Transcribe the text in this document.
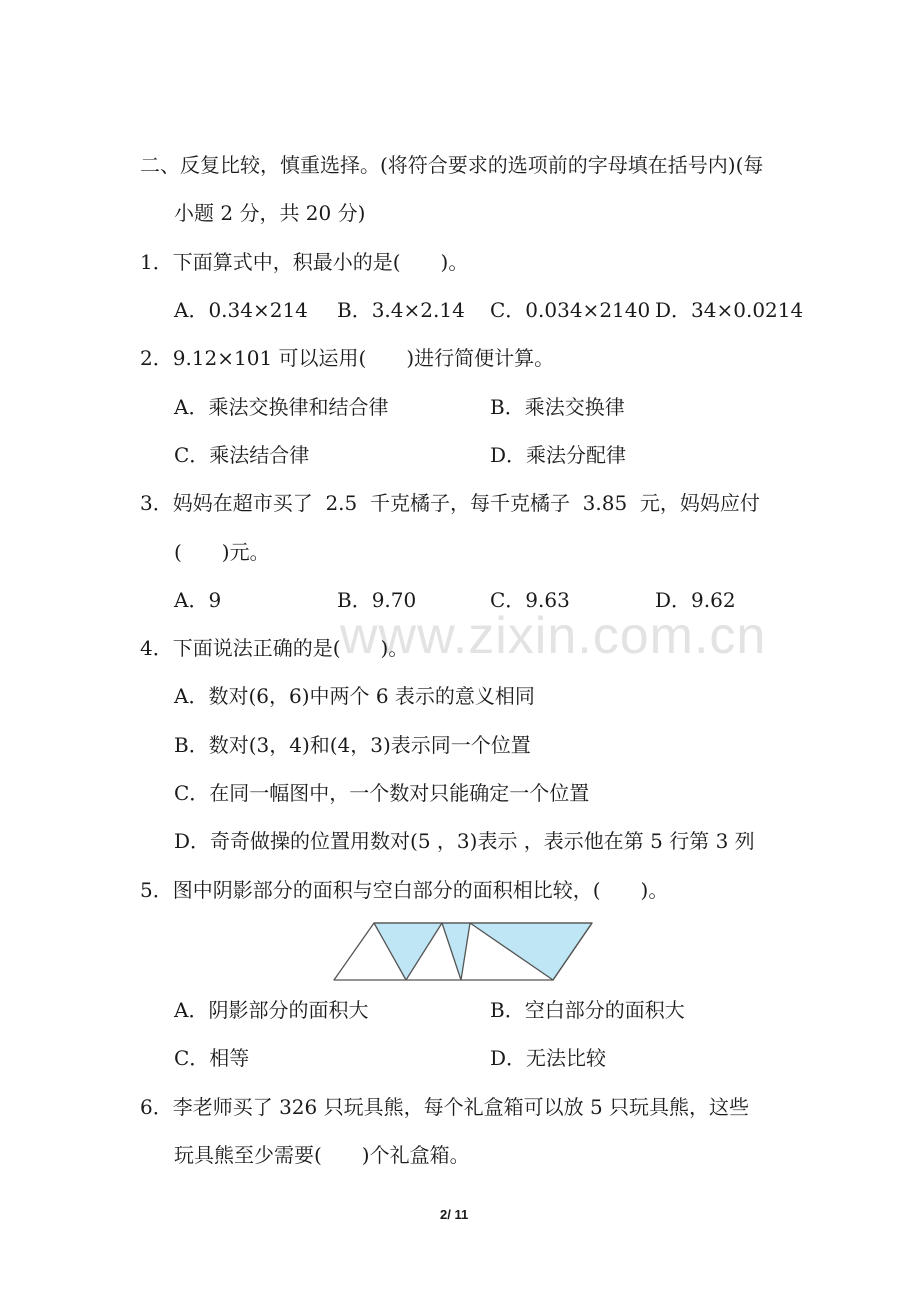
二、反复比较，慎重选择。(将符合要求的选项前的字母填在括号内)(每
小题 2 分，共 20 分)
1．下面算式中，积最小的是(　　)。
A．0.34×214 B．3.4×2.14 C．0.034×2140 D．34×0.0214
2．9.12×101 可以运用(　　)进行简便计算。
A．乘法交换律和结合律	B．乘法交换律
C．乘法结合律	D．乘法分配律
3．妈妈在超市买了  2.5  千克橘子，每千克橘子  3.85  元，妈妈应付
(　　)元。
A．9	B．9.70	C．9.63	D．9.62
www.zixin.com.cn
4．下面说法正确的是(　　)。
A．数对(6，6)中两个 6 表示的意义相同
B．数对(3，4)和(4，3)表示同一个位置
C．在同一幅图中，一个数对只能确定一个位置
D．奇奇做操的位置用数对(5 ，3)表示 ，表示他在第 5 行第 3 列
5．图中阴影部分的面积与空白部分的面积相比较，(　　)。
A．阴影部分的面积大	B．空白部分的面积大
C．相等	D．无法比较
6．李老师买了 326 只玩具熊，每个礼盒箱可以放 5 只玩具熊，这些
玩具熊至少需要(　　)个礼盒箱。
2/ 11
